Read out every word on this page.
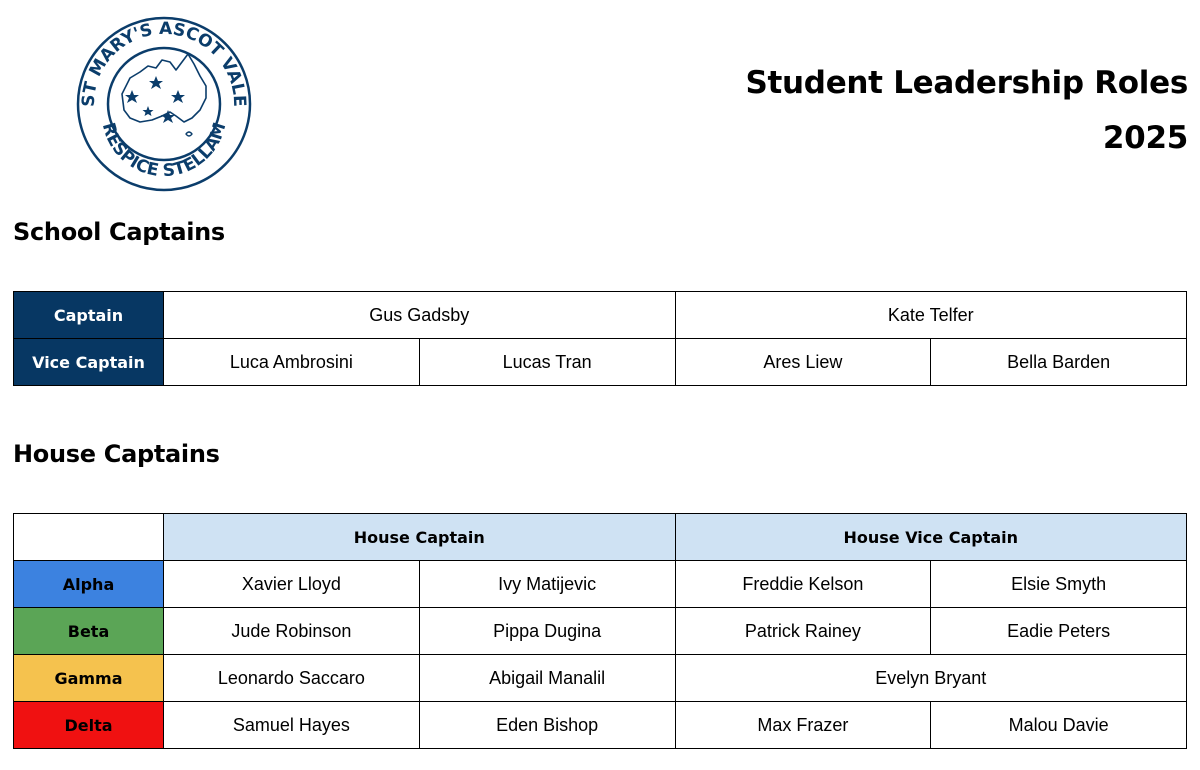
ST MARY'S ASCOT VALE
RESPICE STELLAM
Student Leadership Roles
2025
School Captains
Captain	Gus Gadsby		Kate Telfer	
Vice Captain	Luca Ambrosini	Lucas Tran	Ares Liew	Bella Barden
House Captains
	House Captain		House Vice Captain	
Alpha	Xavier Lloyd	Ivy Matijevic	Freddie Kelson	Elsie Smyth
Beta	Jude Robinson	Pippa Dugina	Patrick Rainey	Eadie Peters
Gamma	Leonardo Saccaro	Abigail Manalil	Evelyn Bryant	
Delta	Samuel Hayes	Eden Bishop	Max Frazer	Malou Davie
